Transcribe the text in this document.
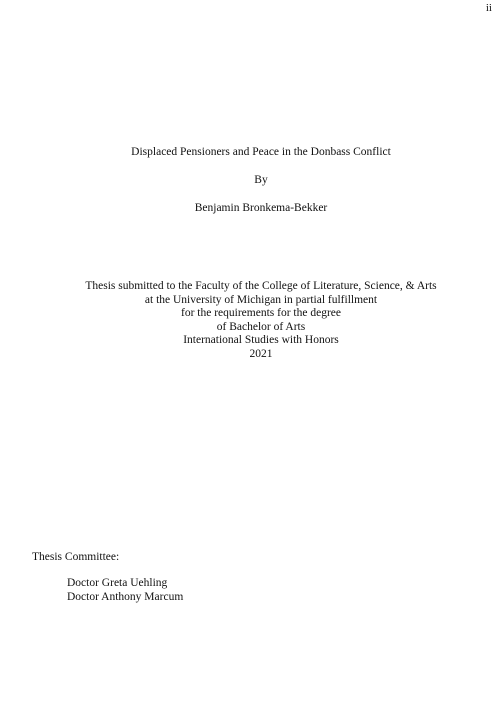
ii
Displaced Pensioners and Peace in the Donbass Conflict
By
Benjamin Bronkema-Bekker
Thesis submitted to the Faculty of the College of Literature, Science, & Arts
at the University of Michigan in partial fulfillment
for the requirements for the degree
of Bachelor of Arts
International Studies with Honors
2021
Thesis Committee:
Doctor Greta Uehling
Doctor Anthony Marcum
